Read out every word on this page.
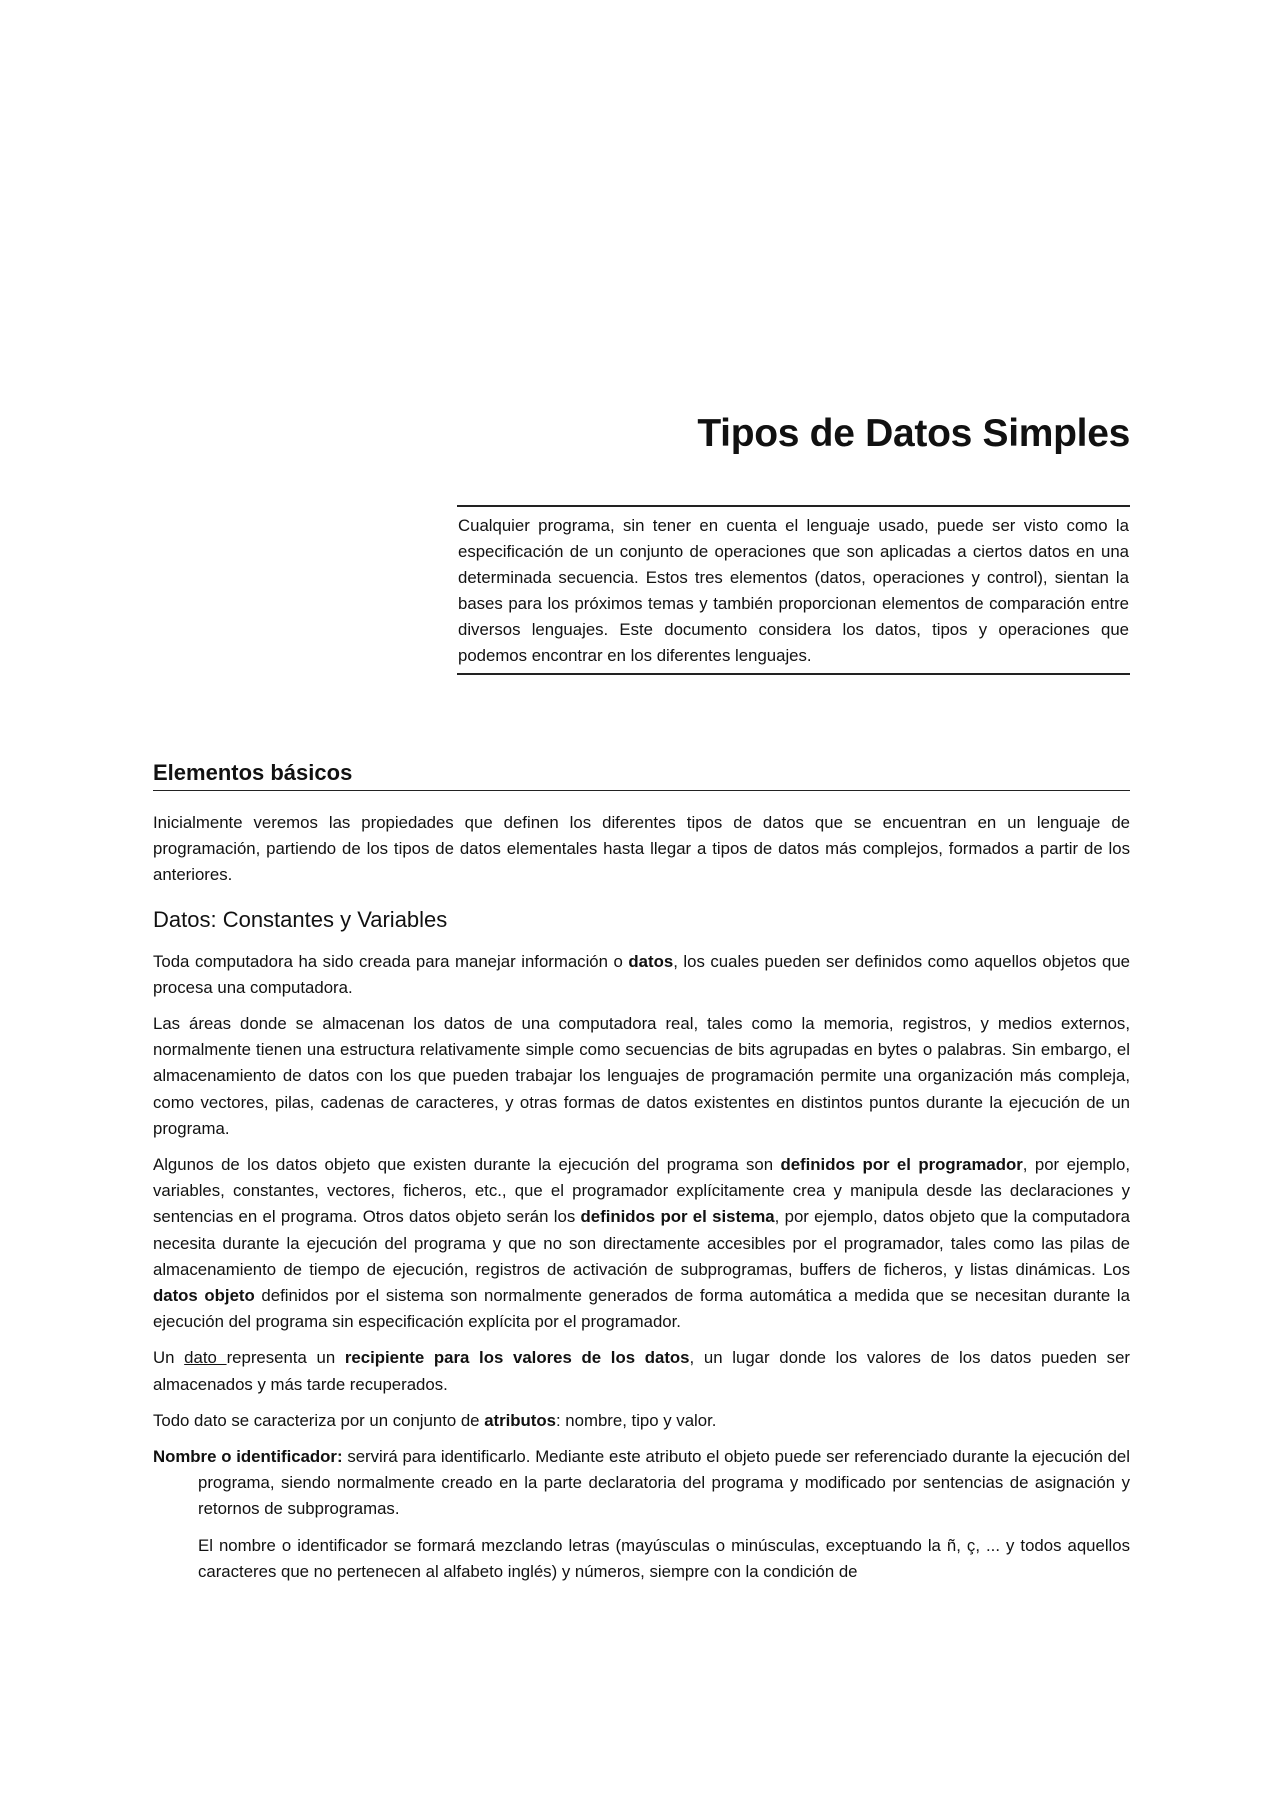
Tipos de Datos Simples
Cualquier programa, sin tener en cuenta el lenguaje usado, puede ser visto como la especificación de un conjunto de operaciones que son aplicadas a ciertos datos en una determinada secuencia. Estos tres elementos (datos, operaciones y control), sientan la bases para los próximos temas y también proporcionan elementos de comparación entre diversos lenguajes. Este documento considera los datos, tipos y operaciones que podemos encontrar en los diferentes lenguajes.
Elementos básicos

Inicialmente veremos las propiedades que definen los diferentes tipos de datos que se encuentran en un lenguaje de programación, partiendo de los tipos de datos elementales hasta llegar a tipos de datos más complejos, formados a partir de los anteriores.

Datos: Constantes y Variables

Toda computadora ha sido creada para manejar información o datos, los cuales pueden ser definidos como aquellos objetos que procesa una computadora.

Las áreas donde se almacenan los datos de una computadora real, tales como la memoria, registros, y medios externos, normalmente tienen una estructura relativamente simple como secuencias de bits agrupadas en bytes o palabras. Sin embargo, el almacenamiento de datos con los que pueden trabajar los lenguajes de programación permite una organización más compleja, como vectores, pilas, cadenas de caracteres, y otras formas de datos existentes en distintos puntos durante la ejecución de un programa.

Algunos de los datos objeto que existen durante la ejecución del programa son definidos por el programador, por ejemplo, variables, constantes, vectores, ficheros, etc., que el programador explícitamente crea y manipula desde las declaraciones y sentencias en el programa. Otros datos objeto serán los definidos por el sistema, por ejemplo, datos objeto que la computadora necesita durante la ejecución del programa y que no son directamente accesibles por el programador, tales como las pilas de almacenamiento de tiempo de ejecución, registros de activación de subprogramas, buffers de ficheros, y listas dinámicas. Los datos objeto definidos por el sistema son normalmente generados de forma automática a medida que se necesitan durante la ejecución del programa sin especificación explícita por el programador.

Un dato representa un recipiente para los valores de los datos, un lugar donde los valores de los datos pueden ser almacenados y más tarde recuperados.

Todo dato se caracteriza por un conjunto de atributos: nombre, tipo y valor.

Nombre o identificador: servirá para identificarlo. Mediante este atributo el objeto puede ser referenciado durante la ejecución del programa, siendo normalmente creado en la parte declaratoria del programa y modificado por sentencias de asignación y retornos de subprogramas.

El nombre o identificador se formará mezclando letras (mayúsculas o minúsculas, exceptuando la ñ, ç, ... y todos aquellos caracteres que no pertenecen al alfabeto inglés) y números, siempre con la condición de
